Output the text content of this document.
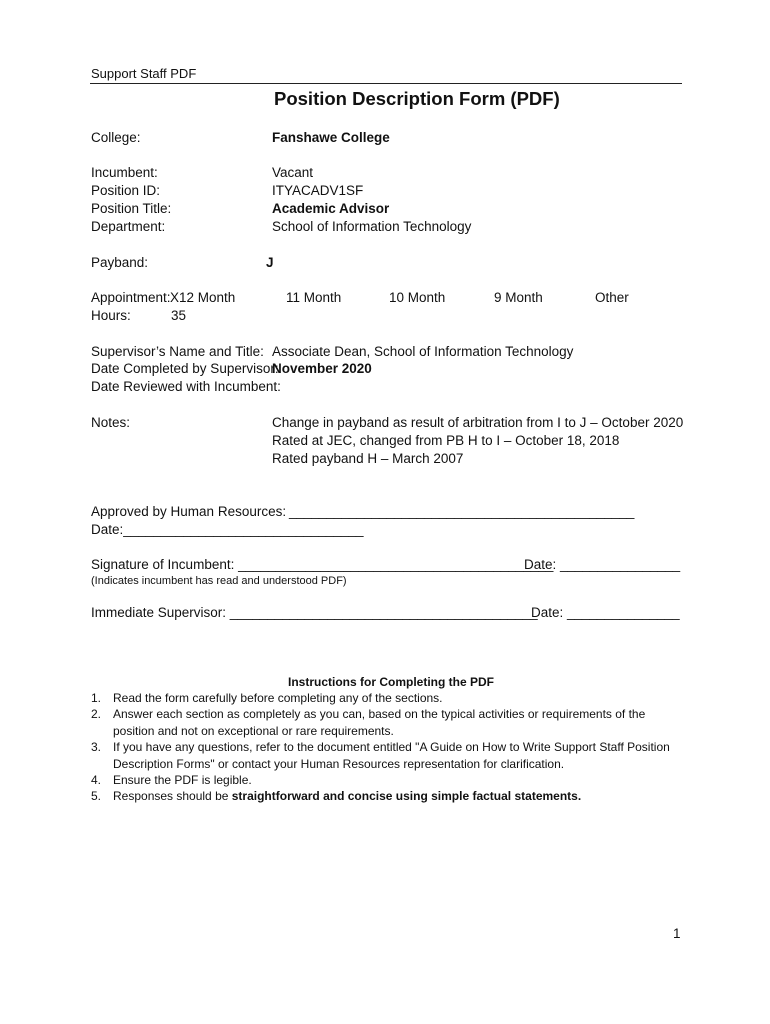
Support Staff PDF
Position Description Form (PDF)
College:	Fanshawe College
Incumbent:	Vacant
Position ID:	ITYACADV1SF
Position Title:	Academic Advisor
Department:	School of Information Technology
Payband:	J
Appointment: X12 Month	11 Month	10 Month	9 Month	Other
Hours:	35
Supervisor’s Name and Title: Associate Dean, School of Information Technology
Date Completed by Supervisor:
November 2020
Date Reviewed with Incumbent:
Notes:	Change in payband as result of arbitration from I to J – October 2020
Rated at JEC, changed from PB H to I – October 18, 2018
Rated payband H – March 2007
Approved by Human Resources: ______________________________________________
Date:________________________________
Signature of Incumbent: __________________________________________
Date: ________________
(Indicates incumbent has read and understood PDF)
Immediate Supervisor: _________________________________________
Date: _______________
Instructions for Completing the PDF
1. Read the form carefully before completing any of the sections.
2. Answer each section as completely as you can, based on the typical activities or requirements of the position and not on exceptional or rare requirements.
3. If you have any questions, refer to the document entitled "A Guide on How to Write Support Staff Position Description Forms" or contact your Human Resources representation for clarification.
4. Ensure the PDF is legible.
5. Responses should be straightforward and concise using simple factual statements.
1
